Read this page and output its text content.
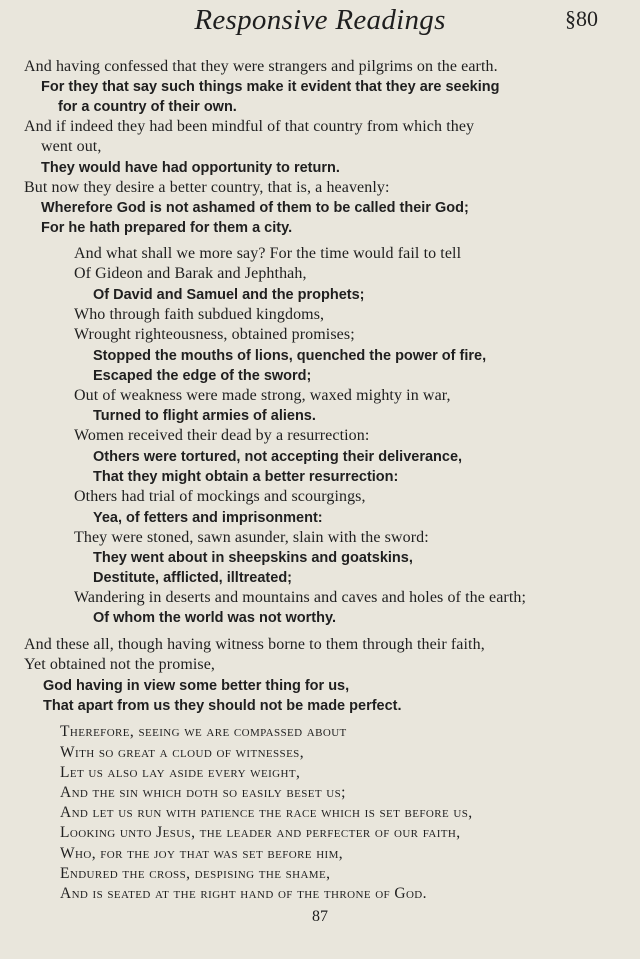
Responsive Readings	§80
And having confessed that they were strangers and pilgrims on the earth.
For they that say such things make it evident that they are seeking
for a country of their own.
And if indeed they had been mindful of that country from which they
went out,
They would have had opportunity to return.
But now they desire a better country, that is, a heavenly:
Wherefore God is not ashamed of them to be called their God;
For he hath prepared for them a city.
And what shall we more say? For the time would fail to tell
Of Gideon and Barak and Jephthah,
Of David and Samuel and the prophets;
Who through faith subdued kingdoms,
Wrought righteousness, obtained promises;
Stopped the mouths of lions, quenched the power of fire,
Escaped the edge of the sword;
Out of weakness were made strong, waxed mighty in war,
Turned to flight armies of aliens.
Women received their dead by a resurrection:
Others were tortured, not accepting their deliverance,
That they might obtain a better resurrection:
Others had trial of mockings and scourgings,
Yea, of fetters and imprisonment:
They were stoned, sawn asunder, slain with the sword:
They went about in sheepskins and goatskins,
Destitute, afflicted, illtreated;
Wandering in deserts and mountains and caves and holes of the earth;
Of whom the world was not worthy.
And these all, though having witness borne to them through their faith,
Yet obtained not the promise,
God having in view some better thing for us,
That apart from us they should not be made perfect.
Therefore, seeing we are compassed about
With so great a cloud of witnesses,
Let us also lay aside every weight,
And the sin which doth so easily beset us;
And let us run with patience the race which is set before us,
Looking unto Jesus, the leader and perfecter of our faith,
Who, for the joy that was set before him,
Endured the cross, despising the shame,
And is seated at the right hand of the throne of God.
87
